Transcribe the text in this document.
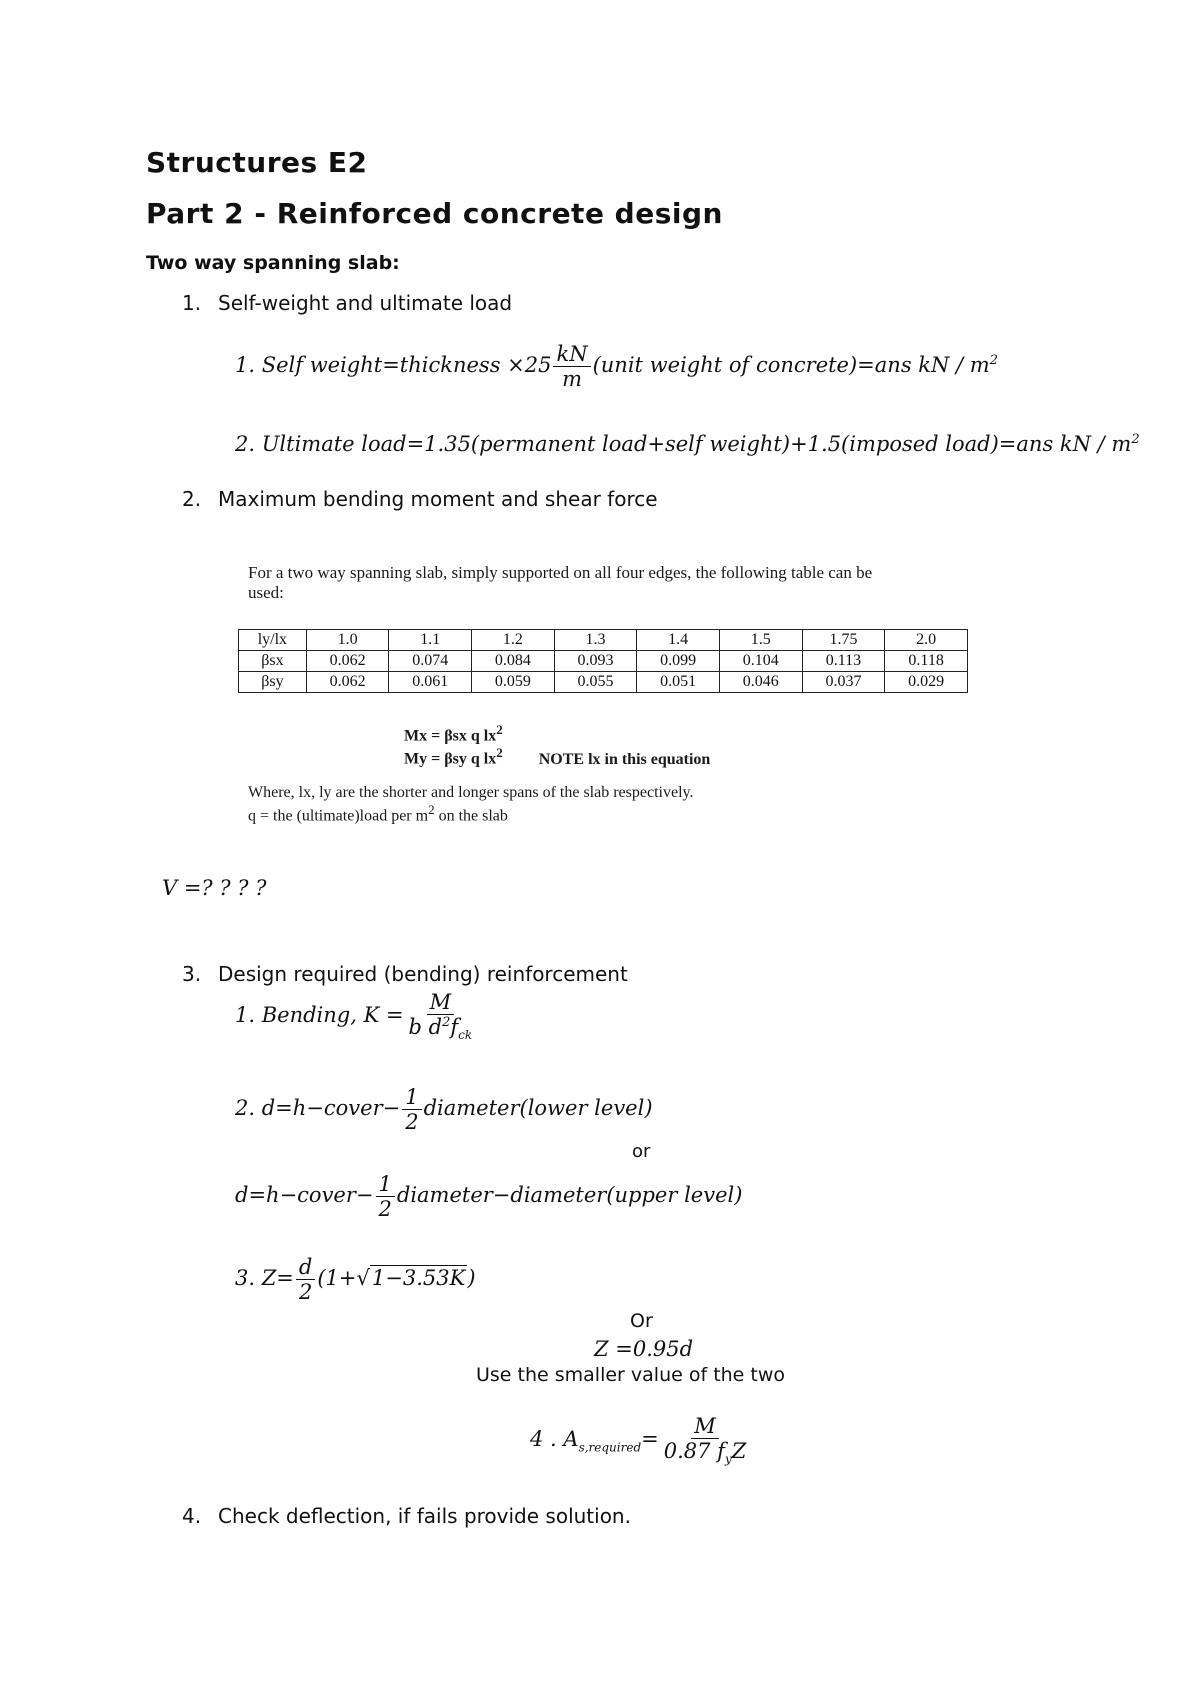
Structures E2
Part 2 - Reinforced concrete design
Two way spanning slab:
1. Self-weight and ultimate load
1. Self weight=thickness $\times 25 \frac{kN}{m}$ (unit weight of concrete)=ans kN / $m^2$
2. Ultimate load=1.35(permanent load+self weight)+1.5(imposed load)=ans kN / $m^2$
2. Maximum bending moment and shear force
For a two way spanning slab, simply supported on all four edges, the following table can be
used:
ly/lx	1.0	1.1	1.2	1.3	1.4	1.5	1.75	2.0
βsx	0.062	0.074	0.084	0.093	0.099	0.104	0.113	0.118
βsy	0.062	0.061	0.059	0.055	0.051	0.046	0.037	0.029
Mx = βsx q $lx^2$
My = βsy q $lx^2$ NOTE lx in this equation
Where, lx, ly are the shorter and longer spans of the slab respectively.
q = the (ultimate)load per $m^2$ on the slab
V =? ? ? ?
3. Design required (bending) reinforcement
1. Bending, $K = \frac{M}{b d^2f_{ck}}$
2. d=h−cover− $\frac{1}{2}$ diameter(lower level)
or
d=h−cover− $\frac{1}{2}$ diameter−diameter(upper level)
3. $Z= \frac{d}{2} (1+√1-3.53K)$
Or
Z =0.95d
Use the smaller value of the two
4 . $A_{s,required}= \frac{M}{0.87 f_yZ}$
4. Check deflection, if fails provide solution.
